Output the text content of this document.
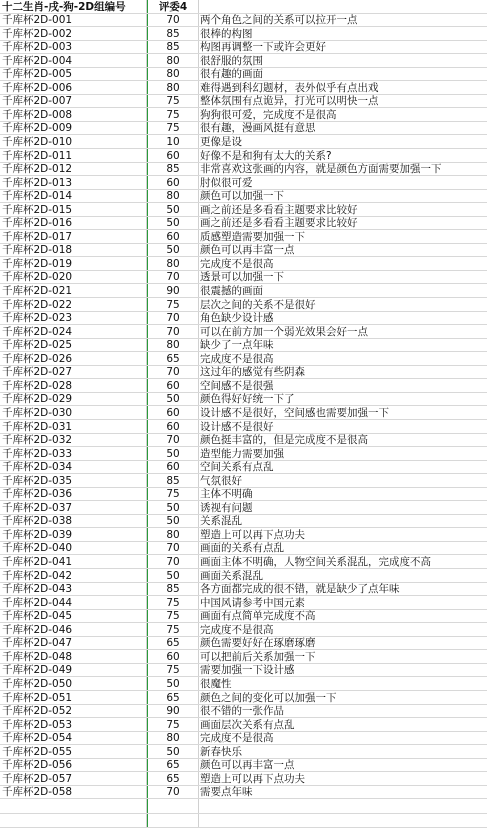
十二生肖-戌-狗-2D组编号	评委4
千库杯2D-001	70	两个角色之间的关系可以拉开一点
千库杯2D-002	85	很棒的构图
千库杯2D-003	85	构图再调整一下或许会更好
千库杯2D-004	80	很舒服的氛围
千库杯2D-005	80	很有趣的画面
千库杯2D-006	80	难得遇到科幻题材，表外似乎有点出戏
千库杯2D-007	75	整体氛围有点诡异，打光可以明快一点
千库杯2D-008	75	狗狗很可爱，完成度不是很高
千库杯2D-009	75	很有趣，漫画风挺有意思
千库杯2D-010	10	更像是设
千库杯2D-011	60	好像不是和狗有太大的关系?
千库杯2D-012	85	非常喜欢这张画的内容，就是颜色方面需要加强一下
千库杯2D-013	60	肘似很可爱
千库杯2D-014	80	颜色可以加强一下
千库杯2D-015	50	画之前还是多看看主题要求比较好
千库杯2D-016	50	画之前还是多看看主题要求比较好
千库杯2D-017	60	质感塑造需要加强一下
千库杯2D-018	50	颜色可以再丰富一点
千库杯2D-019	80	完成度不是很高
千库杯2D-020	70	透景可以加强一下
千库杯2D-021	90	很震撼的画面
千库杯2D-022	75	层次之间的关系不是很好
千库杯2D-023	70	角色缺少设计感
千库杯2D-024	70	可以在前方加一个弱光效果会好一点
千库杯2D-025	80	缺少了一点年味
千库杯2D-026	65	完成度不是很高
千库杯2D-027	70	这过年的感觉有些阴森
千库杯2D-028	60	空间感不是很强
千库杯2D-029	50	颜色得好好统一下了
千库杯2D-030	60	设计感不是很好，空间感也需要加强一下
千库杯2D-031	60	设计感不是很好
千库杯2D-032	70	颜色挺丰富的，但是完成度不是很高
千库杯2D-033	50	造型能力需要加强
千库杯2D-034	60	空间关系有点乱
千库杯2D-035	85	气氛很好
千库杯2D-036	75	主体不明确
千库杯2D-037	50	诱视有问题
千库杯2D-038	50	关系混乱
千库杯2D-039	80	塑造上可以再下点功夫
千库杯2D-040	70	画面的关系有点乱
千库杯2D-041	70	画面主体不明确，人物空间关系混乱，完成度不高
千库杯2D-042	50	画面关系混乱
千库杯2D-043	85	各方面都完成的很不错，就是缺少了点年味
千库杯2D-044	75	中国风请参考中国元素
千库杯2D-045	75	画面有点简单完成度不高
千库杯2D-046	75	完成度不是很高
千库杯2D-047	65	颜色需要好好在琢磨琢磨
千库杯2D-048	60	可以把前后关系加强一下
千库杯2D-049	75	需要加强一下设计感
千库杯2D-050	50	很魔性
千库杯2D-051	65	颜色之间的变化可以加强一下
千库杯2D-052	90	很不错的一张作品
千库杯2D-053	75	画面层次关系有点乱
千库杯2D-054	80	完成度不是很高
千库杯2D-055	50	新春快乐
千库杯2D-056	65	颜色可以再丰富一点
千库杯2D-057	65	塑造上可以再下点功夫
千库杯2D-058	70	需要点年味
